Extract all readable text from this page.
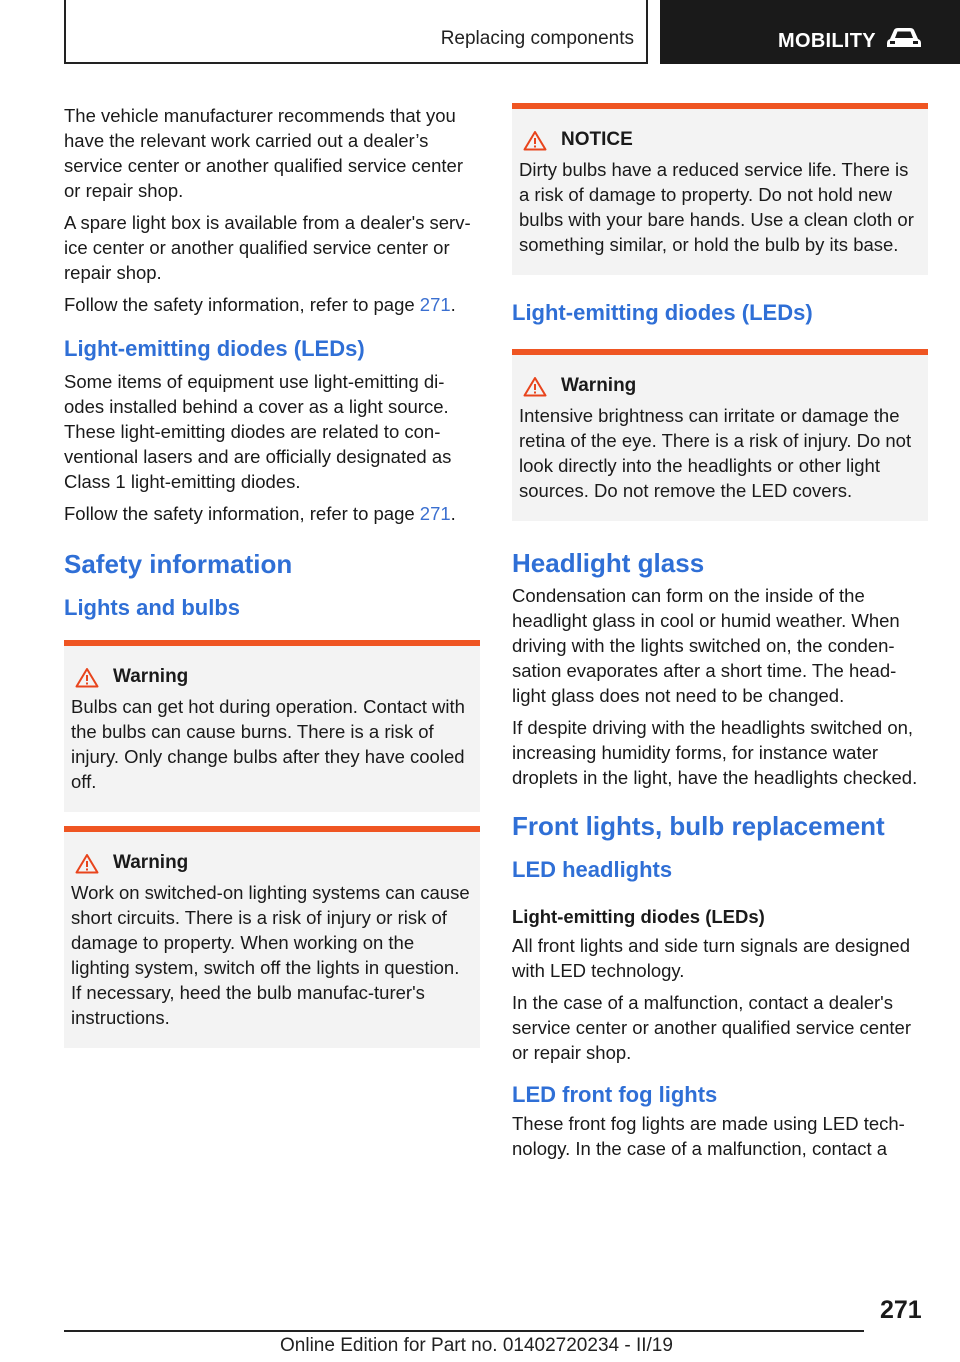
Replacing components	MOBILITY

The vehicle manufacturer recommends that you have the relevant work carried out a dealer’s service center or another qualified service center or repair shop.

A spare light box is available from a dealer's serv‐ice center or another qualified service center or repair shop.

Follow the safety information, refer to page 271.

Light-emitting diodes (LEDs)

Some items of equipment use light-emitting di‐odes installed behind a cover as a light source. These light-emitting diodes are related to con‐ventional lasers and are officially designated as Class 1 light-emitting diodes.

Follow the safety information, refer to page 271.

Safety information
Lights and bulbs
Warning

Bulbs can get hot during operation. Contact with the bulbs can cause burns. There is a risk of injury. Only change bulbs after they have cooled off.

Warning

Work on switched-on lighting systems can cause short circuits. There is a risk of injury or risk of damage to property. When working on the lighting system, switch off the lights in question. If necessary, heed the bulb manufac‐turer's instructions.

NOTICE

Dirty bulbs have a reduced service life. There is a risk of damage to property. Do not hold new bulbs with your bare hands. Use a clean cloth or something similar, or hold the bulb by its base.

Light-emitting diodes (LEDs)
Warning

Intensive brightness can irritate or damage the retina of the eye. There is a risk of injury. Do not look directly into the headlights or other light sources. Do not remove the LED covers.

Headlight glass

Condensation can form on the inside of the headlight glass in cool or humid weather. When driving with the lights switched on, the conden‐sation evaporates after a short time. The head‐light glass does not need to be changed.

If despite driving with the headlights switched on, increasing humidity forms, for instance water droplets in the light, have the headlights checked.

Front lights, bulb replacement
LED headlights
Light-emitting diodes (LEDs)

All front lights and side turn signals are designed with LED technology.

In the case of a malfunction, contact a dealer's service center or another qualified service center or repair shop.

LED front fog lights

These front fog lights are made using LED tech‐nology. In the case of a malfunction, contact a

271
Online Edition for Part no. 01402720234 - II/19
